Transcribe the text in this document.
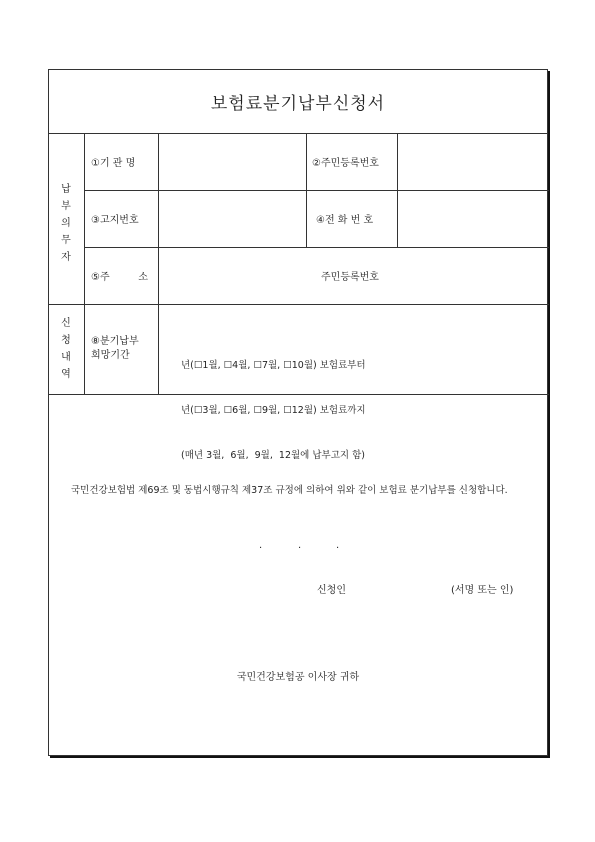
보험료분기납부신청서
납
부
의
무
자
신
청
내
역
①기 관 명	②주민등록번호
③고지번호	④전 화 번 호
⑤주         소	주민등록번호
⑧분기납부
희망기간

년(☐1월, ☐4월, ☐7월, ☐10월) 보험료부터

년(☐3월, ☐6월, ☐9월, ☐12월) 보험료까지

(매년 3월,  6월,  9월,  12월에 납부고지 함)

국민건강보험법 제69조 및 동법시행규칙 제37조 규정에 의하여 위와 같이 보험료 분기납부를 신청합니다.
.	.	.
신청인	(서명 또는 인)
국민건강보험공 이사장 귀하
